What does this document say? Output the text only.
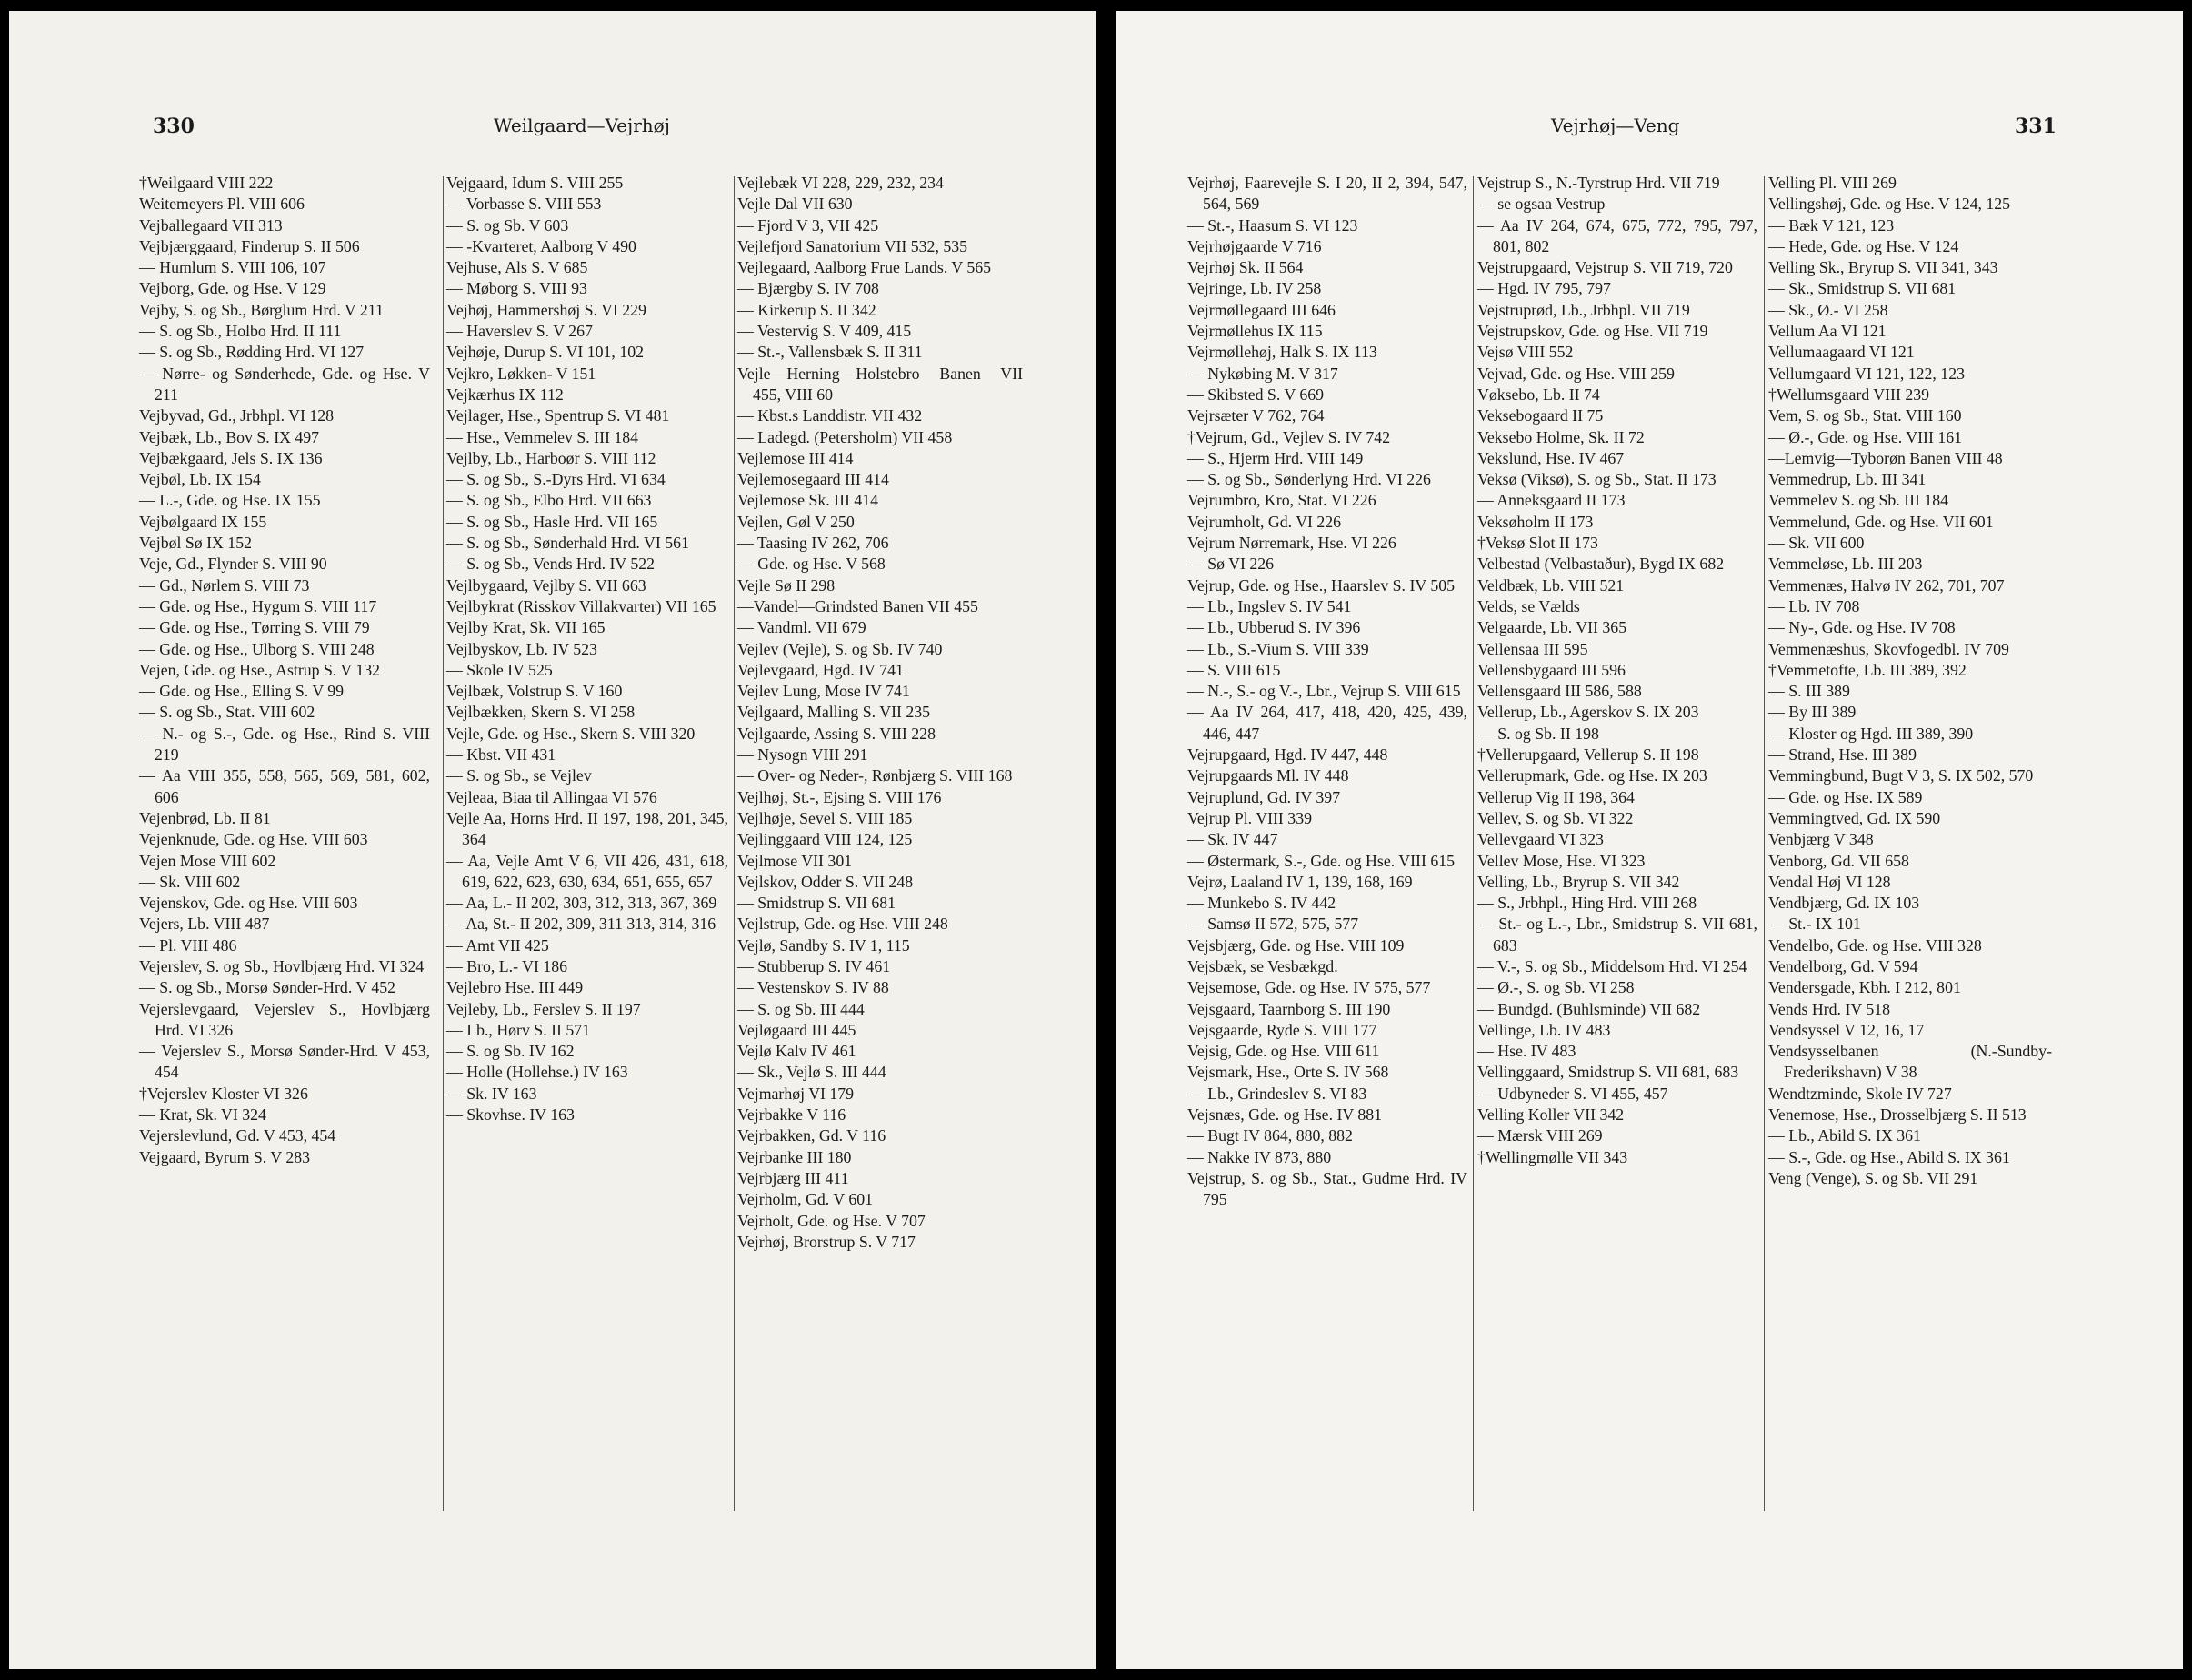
330	Weilgaard—Vejrhøj

†Weilgaard VIII 222

Weitemeyers Pl. VIII 606

Vejballegaard VII 313

Vejbjærggaard, Finderup S. II 506

— Humlum S. VIII 106, 107

Vejborg, Gde. og Hse. V 129

Vejby, S. og Sb., Børglum Hrd. V 211

— S. og Sb., Holbo Hrd. II 111

— S. og Sb., Rødding Hrd. VI 127

— Nørre- og Sønderhede, Gde. og Hse. V 211

Vejbyvad, Gd., Jrbhpl. VI 128

Vejbæk, Lb., Bov S. IX 497

Vejbækgaard, Jels S. IX 136

Vejbøl, Lb. IX 154

— L.-, Gde. og Hse. IX 155

Vejbølgaard IX 155

Vejbøl Sø IX 152

Veje, Gd., Flynder S. VIII 90

— Gd., Nørlem S. VIII 73

— Gde. og Hse., Hygum S. VIII 117

— Gde. og Hse., Tørring S. VIII 79

— Gde. og Hse., Ulborg S. VIII 248

Vejen, Gde. og Hse., Astrup S. V 132

— Gde. og Hse., Elling S. V 99

— S. og Sb., Stat. VIII 602

— N.- og S.-, Gde. og Hse., Rind S. VIII 219

— Aa VIII 355, 558, 565, 569, 581, 602, 606

Vejenbrød, Lb. II 81

Vejenknude, Gde. og Hse. VIII 603

Vejen Mose VIII 602

— Sk. VIII 602

Vejenskov, Gde. og Hse. VIII 603

Vejers, Lb. VIII 487

— Pl. VIII 486

Vejerslev, S. og Sb., Hovlbjærg Hrd. VI 324

— S. og Sb., Morsø Sønder-Hrd. V 452

Vejerslevgaard, Vejerslev S., Hovlbjærg Hrd. VI 326

— Vejerslev S., Morsø Sønder-Hrd. V 453, 454

†Vejerslev Kloster VI 326

— Krat, Sk. VI 324

Vejerslevlund, Gd. V 453, 454

Vejgaard, Byrum S. V 283

Vejgaard, Idum S. VIII 255

— Vorbasse S. VIII 553

— S. og Sb. V 603

— -Kvarteret, Aalborg V 490

Vejhuse, Als S. V 685

— Møborg S. VIII 93

Vejhøj, Hammershøj S. VI 229

— Haverslev S. V 267

Vejhøje, Durup S. VI 101, 102

Vejkro, Løkken- V 151

Vejkærhus IX 112

Vejlager, Hse., Spentrup S. VI 481

— Hse., Vemmelev S. III 184

Vejlby, Lb., Harboør S. VIII 112

— S. og Sb., S.-Dyrs Hrd. VI 634

— S. og Sb., Elbo Hrd. VII 663

— S. og Sb., Hasle Hrd. VII 165

— S. og Sb., Sønderhald Hrd. VI 561

— S. og Sb., Vends Hrd. IV 522

Vejlbygaard, Vejlby S. VII 663

Vejlbykrat (Risskov Villakvarter) VII 165

Vejlby Krat, Sk. VII 165

Vejlbyskov, Lb. IV 523

— Skole IV 525

Vejlbæk, Volstrup S. V 160

Vejlbækken, Skern S. VI 258

Vejle, Gde. og Hse., Skern S. VIII 320

— Kbst. VII 431

— S. og Sb., se Vejlev

Vejleaa, Biaa til Allingaa VI 576

Vejle Aa, Horns Hrd. II 197, 198, 201, 345, 364

— Aa, Vejle Amt V 6, VII 426, 431, 618, 619, 622, 623, 630, 634, 651, 655, 657

— Aa, L.- II 202, 303, 312, 313, 367, 369

— Aa, St.- II 202, 309, 311 313, 314, 316

— Amt VII 425

— Bro, L.- VI 186

Vejlebro Hse. III 449

Vejleby, Lb., Ferslev S. II 197

— Lb., Hørv S. II 571

— S. og Sb. IV 162

— Holle (Hollehse.) IV 163

— Sk. IV 163

— Skovhse. IV 163

Vejlebæk VI 228, 229, 232, 234

Vejle Dal VII 630

— Fjord V 3, VII 425

Vejlefjord Sanatorium VII 532, 535

Vejlegaard, Aalborg Frue Lands. V 565

— Bjærgby S. IV 708

— Kirkerup S. II 342

— Vestervig S. V 409, 415

— St.-, Vallensbæk S. II 311

Vejle—Herning—Holstebro Banen VII 455, VIII 60

— Kbst.s Landdistr. VII 432

— Ladegd. (Petersholm) VII 458

Vejlemose III 414

Vejlemosegaard III 414

Vejlemose Sk. III 414

Vejlen, Gøl V 250

— Taasing IV 262, 706

— Gde. og Hse. V 568

Vejle Sø II 298

—Vandel—Grindsted Banen VII 455

— Vandml. VII 679

Vejlev (Vejle), S. og Sb. IV 740

Vejlevgaard, Hgd. IV 741

Vejlev Lung, Mose IV 741

Vejlgaard, Malling S. VII 235

Vejlgaarde, Assing S. VIII 228

— Nysogn VIII 291

— Over- og Neder-, Rønbjærg S. VIII 168

Vejlhøj, St.-, Ejsing S. VIII 176

Vejlhøje, Sevel S. VIII 185

Vejlinggaard VIII 124, 125

Vejlmose VII 301

Vejlskov, Odder S. VII 248

— Smidstrup S. VII 681

Vejlstrup, Gde. og Hse. VIII 248

Vejlø, Sandby S. IV 1, 115

— Stubberup S. IV 461

— Vestenskov S. IV 88

— S. og Sb. III 444

Vejløgaard III 445

Vejlø Kalv IV 461

— Sk., Vejlø S. III 444

Vejmarhøj VI 179

Vejrbakke V 116

Vejrbakken, Gd. V 116

Vejrbanke III 180

Vejrbjærg III 411

Vejrholm, Gd. V 601

Vejrholt, Gde. og Hse. V 707

Vejrhøj, Brorstrup S. V 717

Vejrhøj—Veng	331

Vejrhøj, Faarevejle S. I 20, II 2, 394, 547, 564, 569

— St.-, Haasum S. VI 123

Vejrhøjgaarde V 716

Vejrhøj Sk. II 564

Vejringe, Lb. IV 258

Vejrmøllegaard III 646

Vejrmøllehus IX 115

Vejrmøllehøj, Halk S. IX 113

— Nykøbing M. V 317

— Skibsted S. V 669

Vejrsæter V 762, 764

†Vejrum, Gd., Vejlev S. IV 742

— S., Hjerm Hrd. VIII 149

— S. og Sb., Sønderlyng Hrd. VI 226

Vejrumbro, Kro, Stat. VI 226

Vejrumholt, Gd. VI 226

Vejrum Nørremark, Hse. VI 226

— Sø VI 226

Vejrup, Gde. og Hse., Haarslev S. IV 505

— Lb., Ingslev S. IV 541

— Lb., Ubberud S. IV 396

— Lb., S.-Vium S. VIII 339

— S. VIII 615

— N.-, S.- og V.-, Lbr., Vejrup S. VIII 615

— Aa IV 264, 417, 418, 420, 425, 439, 446, 447

Vejrupgaard, Hgd. IV 447, 448

Vejrupgaards Ml. IV 448

Vejruplund, Gd. IV 397

Vejrup Pl. VIII 339

— Sk. IV 447

— Østermark, S.-, Gde. og Hse. VIII 615

Vejrø, Laaland IV 1, 139, 168, 169

— Munkebo S. IV 442

— Samsø II 572, 575, 577

Vejsbjærg, Gde. og Hse. VIII 109

Vejsbæk, se Vesbækgd.

Vejsemose, Gde. og Hse. IV 575, 577

Vejsgaard, Taarnborg S. III 190

Vejsgaarde, Ryde S. VIII 177

Vejsig, Gde. og Hse. VIII 611

Vejsmark, Hse., Orte S. IV 568

— Lb., Grindeslev S. VI 83

Vejsnæs, Gde. og Hse. IV 881

— Bugt IV 864, 880, 882

— Nakke IV 873, 880

Vejstrup, S. og Sb., Stat., Gudme Hrd. IV 795

Vejstrup S., N.-Tyrstrup Hrd. VII 719

— se ogsaa Vestrup

— Aa IV 264, 674, 675, 772, 795, 797, 801, 802

Vejstrupgaard, Vejstrup S. VII 719, 720

— Hgd. IV 795, 797

Vejstruprød, Lb., Jrbhpl. VII 719

Vejstrupskov, Gde. og Hse. VII 719

Vejsø VIII 552

Vejvad, Gde. og Hse. VIII 259

Vøksebo, Lb. II 74

Veksebogaard II 75

Veksebo Holme, Sk. II 72

Vekslund, Hse. IV 467

Veksø (Viksø), S. og Sb., Stat. II 173

— Anneksgaard II 173

Veksøholm II 173

†Veksø Slot II 173

Velbestad (Velbastaður), Bygd IX 682

Veldbæk, Lb. VIII 521

Velds, se Vælds

Velgaarde, Lb. VII 365

Vellensaa III 595

Vellensbygaard III 596

Vellensgaard III 586, 588

Vellerup, Lb., Agerskov S. IX 203

— S. og Sb. II 198

†Vellerupgaard, Vellerup S. II 198

Vellerupmark, Gde. og Hse. IX 203

Vellerup Vig II 198, 364

Vellev, S. og Sb. VI 322

Vellevgaard VI 323

Vellev Mose, Hse. VI 323

Velling, Lb., Bryrup S. VII 342

— S., Jrbhpl., Hing Hrd. VIII 268

— St.- og L.-, Lbr., Smidstrup S. VII 681, 683

— V.-, S. og Sb., Middelsom Hrd. VI 254

— Ø.-, S. og Sb. VI 258

— Bundgd. (Buhlsminde) VII 682

Vellinge, Lb. IV 483

— Hse. IV 483

Vellinggaard, Smidstrup S. VII 681, 683

— Udbyneder S. VI 455, 457

Velling Koller VII 342

— Mærsk VIII 269

†Wellingmølle VII 343

Velling Pl. VIII 269

Vellingshøj, Gde. og Hse. V 124, 125

— Bæk V 121, 123

— Hede, Gde. og Hse. V 124

Velling Sk., Bryrup S. VII 341, 343

— Sk., Smidstrup S. VII 681

— Sk., Ø.- VI 258

Vellum Aa VI 121

Vellumaagaard VI 121

Vellumgaard VI 121, 122, 123

†Wellumsgaard VIII 239

Vem, S. og Sb., Stat. VIII 160

— Ø.-, Gde. og Hse. VIII 161

—Lemvig—Tyborøn Banen VIII 48

Vemmedrup, Lb. III 341

Vemmelev S. og Sb. III 184

Vemmelund, Gde. og Hse. VII 601

— Sk. VII 600

Vemmeløse, Lb. III 203

Vemmenæs, Halvø IV 262, 701, 707

— Lb. IV 708

— Ny-, Gde. og Hse. IV 708

Vemmenæshus, Skovfogedbl. IV 709

†Vemmetofte, Lb. III 389, 392

— S. III 389

— By III 389

— Kloster og Hgd. III 389, 390

— Strand, Hse. III 389

Vemmingbund, Bugt V 3, S. IX 502, 570

— Gde. og Hse. IX 589

Vemmingtved, Gd. IX 590

Venbjærg V 348

Venborg, Gd. VII 658

Vendal Høj VI 128

Vendbjærg, Gd. IX 103

— St.- IX 101

Vendelbo, Gde. og Hse. VIII 328

Vendelborg, Gd. V 594

Vendersgade, Kbh. I 212, 801

Vends Hrd. IV 518

Vendsyssel V 12, 16, 17

Vendsysselbanen (N.-Sundby-Frederikshavn) V 38

Wendtzminde, Skole IV 727

Venemose, Hse., Drosselbjærg S. II 513

— Lb., Abild S. IX 361

— S.-, Gde. og Hse., Abild S. IX 361

Veng (Venge), S. og Sb. VII 291
